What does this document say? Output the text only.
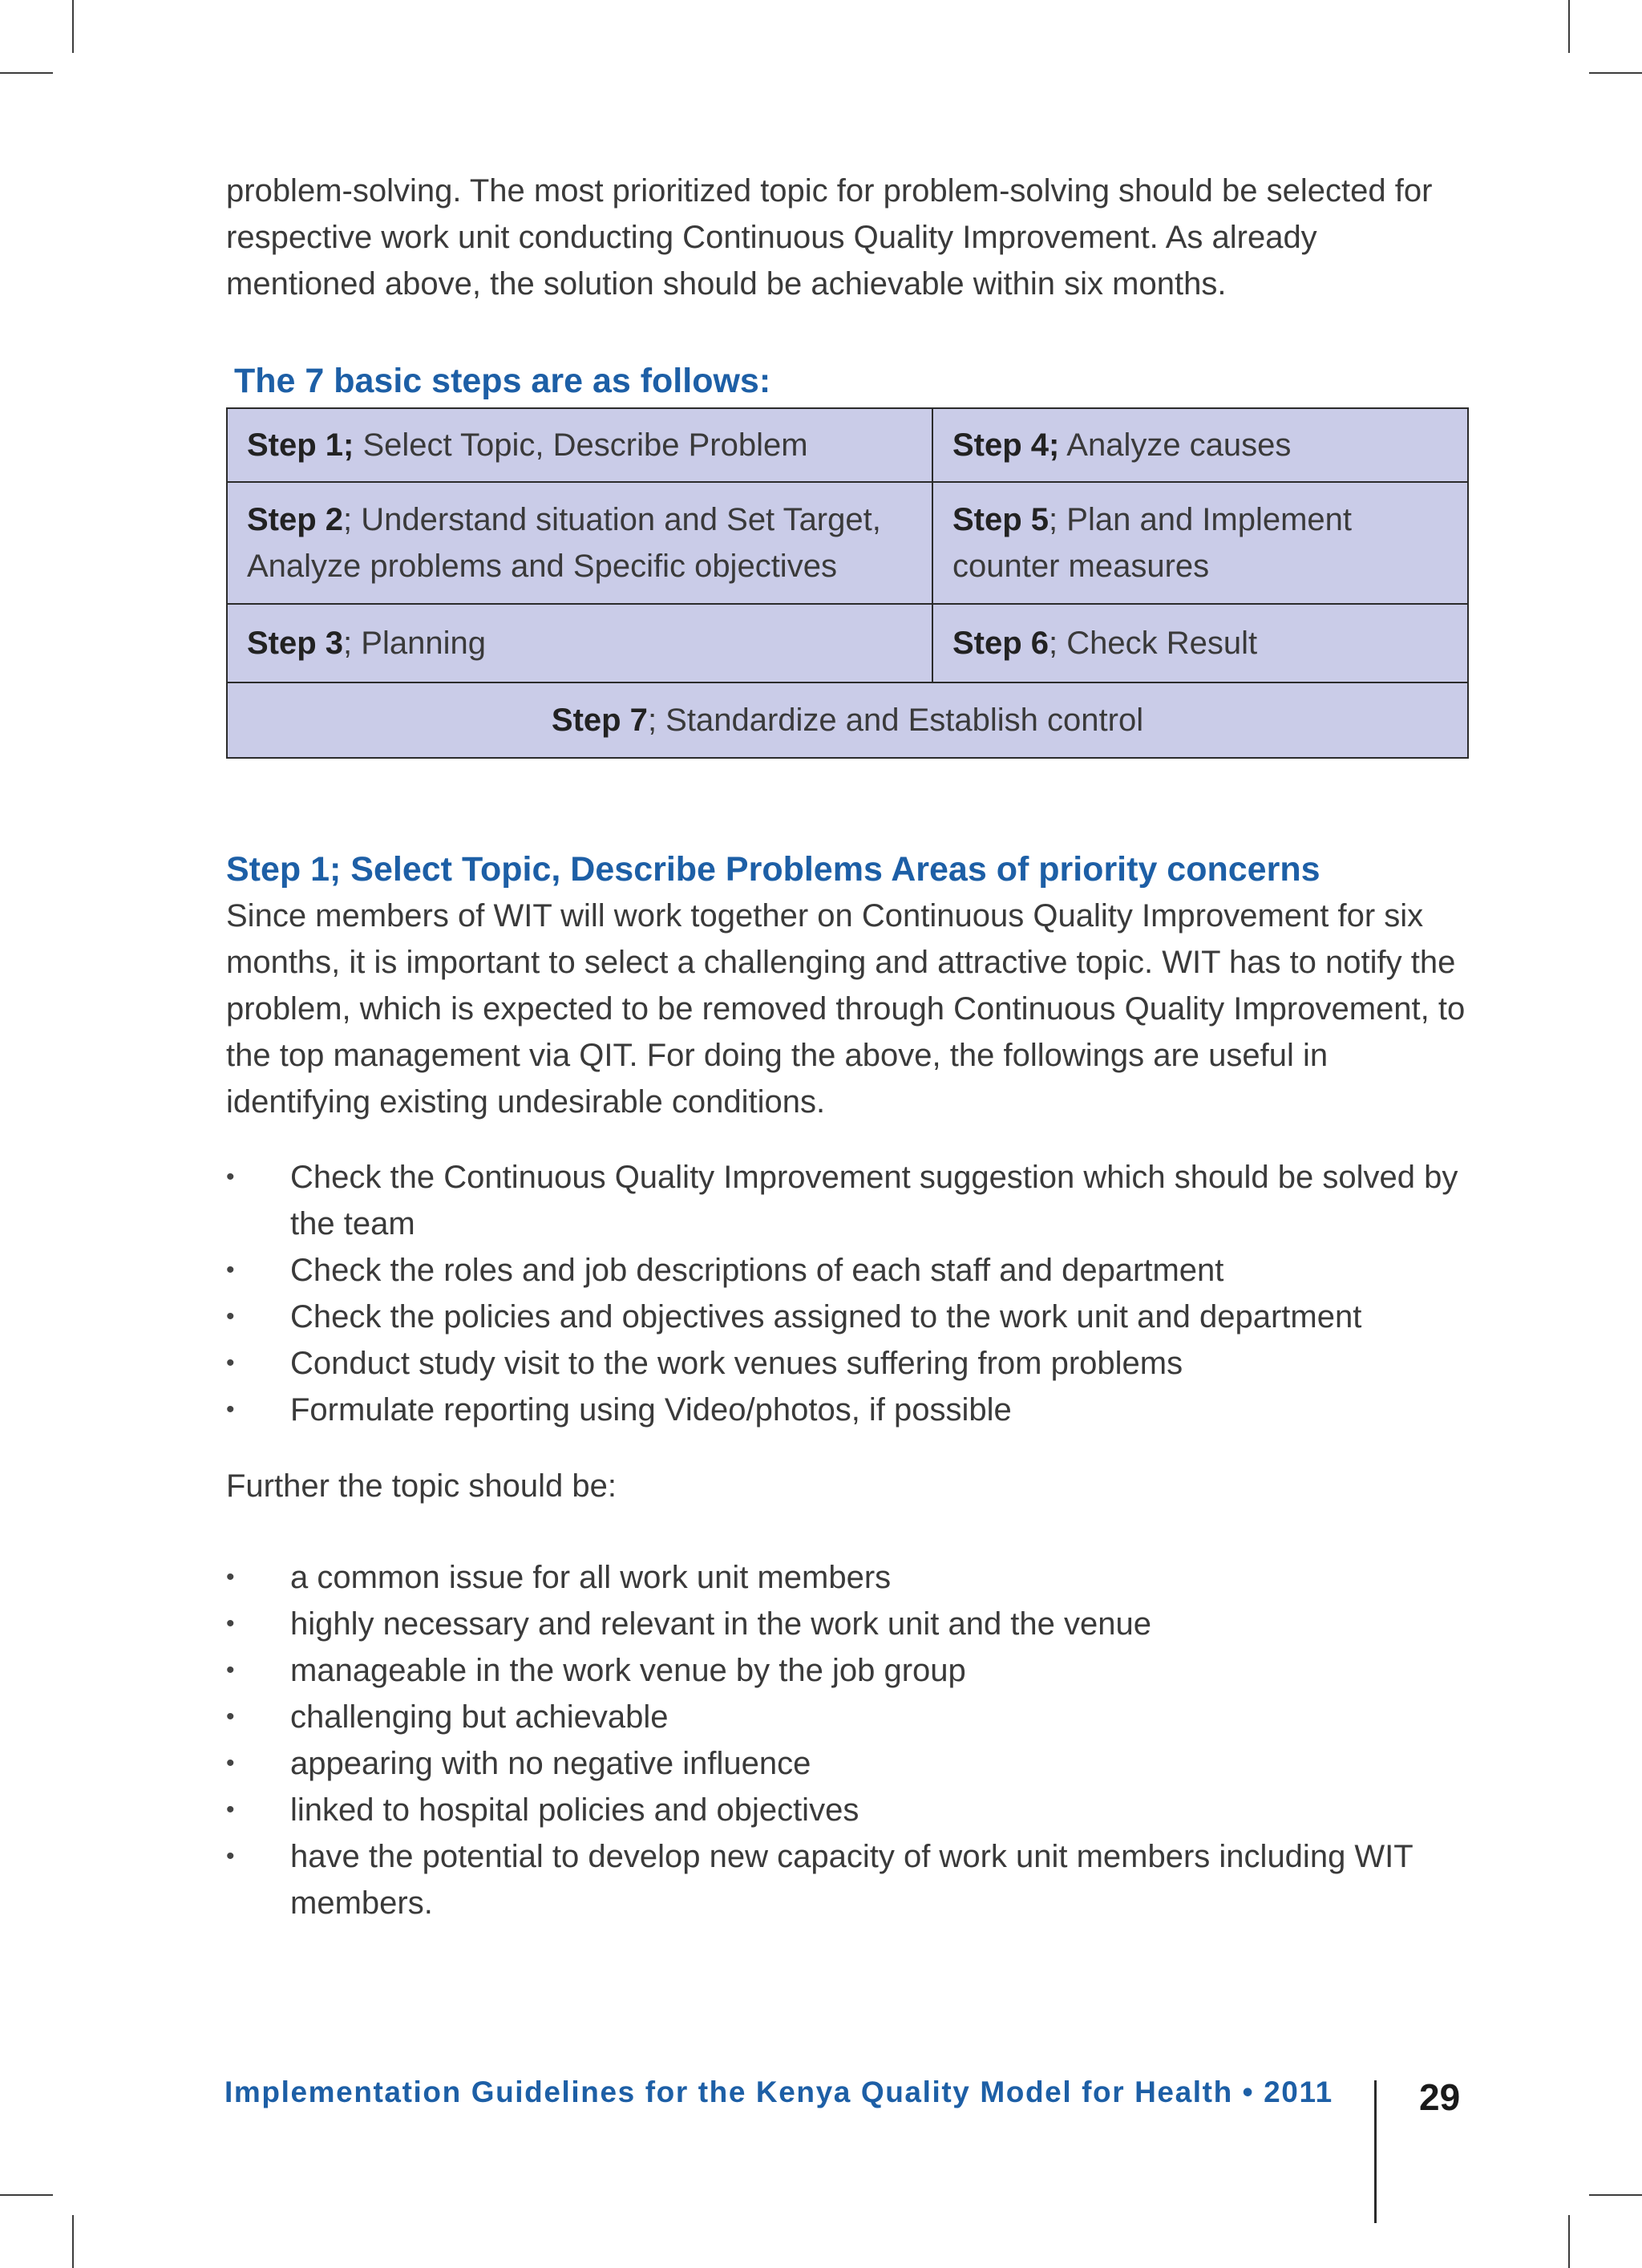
problem-solving. The most prioritized topic for problem-solving should be selected for respective work unit conducting Continuous Quality Improvement. As already mentioned above, the solution should be achievable within six months.

The 7 basic steps are as follows:
Step 1; Select Topic, Describe Problem	Step 4; Analyze causes
Step 2; Understand situation and Set Target, Analyze problems and Specific objectives	Step 5; Plan and Implement counter measures
Step 3; Planning	Step 6; Check Result
Step 7; Standardize and Establish control	
Step 1; Select Topic, Describe Problems Areas of priority concerns

Since members of WIT will work together on Continuous Quality Improvement for six months, it is important to select a challenging and attractive topic. WIT has to notify the problem, which is expected to be removed through Continuous Quality Improvement, to the top management via QIT. For doing the above, the followings are useful in identifying existing undesirable conditions.

• Check the Continuous Quality Improvement suggestion which should be solved by the team
• Check the roles and job descriptions of each staff and department
• Check the policies and objectives assigned to the work unit and department
• Conduct study visit to the work venues suffering from problems
• Formulate reporting using Video/photos, if possible

Further the topic should be:

• a common issue for all work unit members
• highly necessary and relevant in the work unit and the venue
• manageable in the work venue by the job group
• challenging but achievable
• appearing with no negative influence
• linked to hospital policies and objectives
• have the potential to develop new capacity of work unit members including WIT members.
Implementation Guidelines for the Kenya Quality Model for Health • 2011 29
